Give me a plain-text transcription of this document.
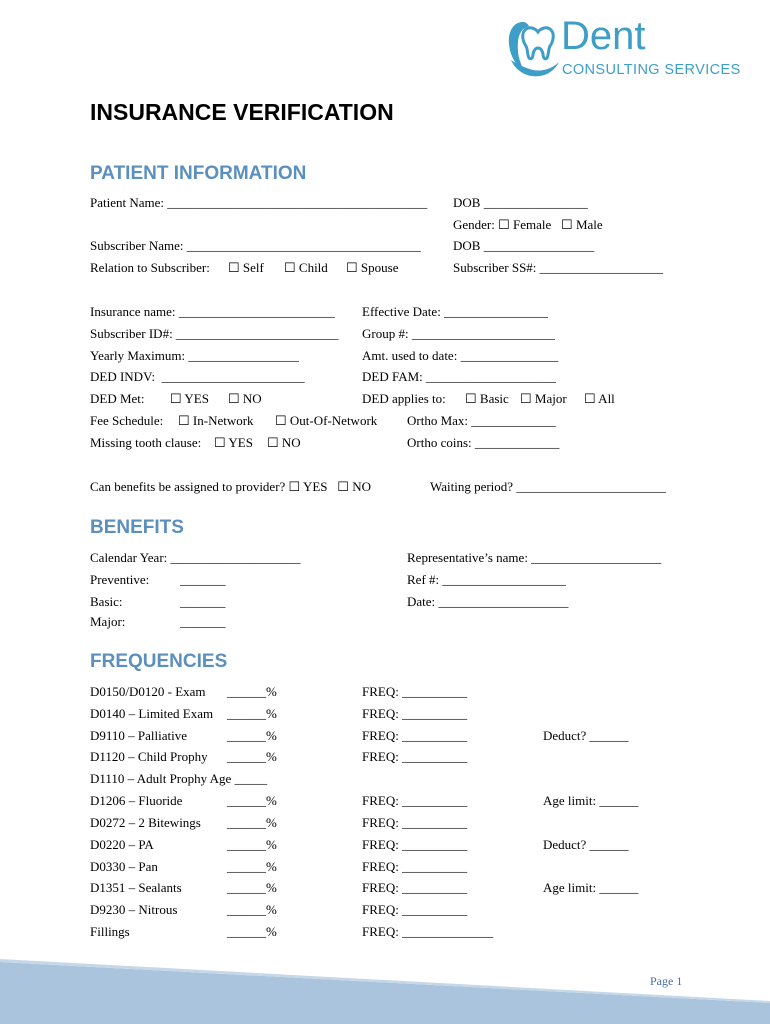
Dent
CONSULTING SERVICES
INSURANCE VERIFICATION
PATIENT INFORMATION
Patient Name: ________________________________________ DOB ________________
Gender: ☐ Female   ☐ Male
Subscriber Name: ____________________________________ DOB _________________
Relation to Subscriber: ☐ Self ☐ Child ☐ Spouse	Subscriber SS#: ___________________
Insurance name: ________________________ Effective Date: ________________
Subscriber ID#: _________________________ Group #: ______________________
Yearly Maximum: _________________	Amt. used to date: _______________
DED INDV:  ______________________	DED FAM: ____________________
DED Met: ☐ YES ☐ NO	DED applies to: ☐ Basic ☐ Major ☐ All
Fee Schedule: ☐ In-Network ☐ Out-Of-Network Ortho Max: _____________
Missing tooth clause: ☐ YES ☐ NO	Ortho coins: _____________
Can benefits be assigned to provider? ☐ YES   ☐ NO	Waiting period? _______________________
BENEFITS
Calendar Year: ____________________	Representative’s name: ____________________
Preventive: _______	Ref #: ___________________
Basic:	_______	Date: ____________________
Major:	_______
FREQUENCIES
D0150/D0120 - Exam ______%	FREQ: __________
D0140 – Limited Exam ______%	FREQ: __________
D9110 – Palliative	______%	FREQ: __________	Deduct? ______
D1120 – Child Prophy ______%	FREQ: __________
D1110 – Adult Prophy Age _____
D1206 – Fluoride	______%	FREQ: __________	Age limit: ______
D0272 – 2 Bitewings ______%	FREQ: __________
D0220 – PA	______%	FREQ: __________	Deduct? ______
D0330 – Pan	______%	FREQ: __________
D1351 – Sealants	______%	FREQ: __________	Age limit: ______
D9230 – Nitrous	______%	FREQ: __________
Fillings	______%	FREQ: ______________
Page 1
